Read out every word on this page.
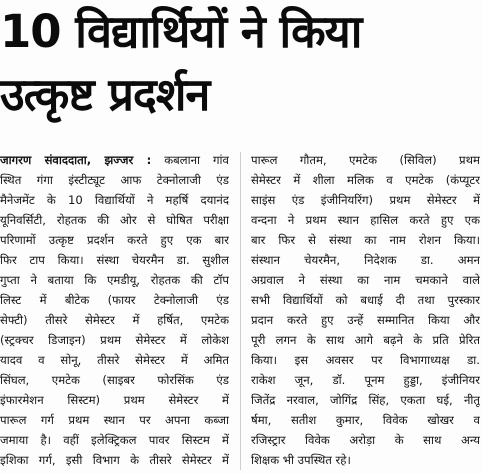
10 विद्यार्थियों ने किया
उत्कृष्ट प्रदर्शन
जागरण संवाददाता, झज्जर : कबलाना गांव
स्थित गंगा इंस्टीट्यूट आफ टेक्नोलाजी एंड
मैनेजमेंट के 10 विद्यार्थियों ने महर्षि दयानंद
यूनिवर्सिटी, रोहतक की ओर से घोषित परीक्षा
परिणामों उत्कृष्ट प्रदर्शन करते हुए एक बार
फिर टाप किया। संस्था चेयरमैन डा. सुशील
गुप्ता ने बताया कि एमडीयू, रोहतक की टॉप
लिस्ट में बीटेक (फायर टेक्नोलाजी एंड
सेफ्टी) तीसरे सेमेस्टर में हर्षित, एमटेक
(स्ट्रक्चर डिजाइन) प्रथम सेमेस्टर में लोकेश
यादव व सोनू, तीसरे सेमेस्टर में अमित
सिंघल, एमटेक (साइबर फोरसिंक एंड
इंफारमेशन सिस्टम) प्रथम सेमेस्टर में
पारूल गर्ग प्रथम स्थान पर अपना कब्जा
जमाया है। वहीं इलेक्ट्रिकल पावर सिस्टम में
इशिका गर्ग, इसी विभाग के तीसरे सेमेस्टर में
पारूल गौतम, एमटेक (सिविल) प्रथम
सेमेस्टर में शीला मलिक व एमटेक (कंप्यूटर
साइंस एंड इंजीनियरिंग) प्रथम सेमेस्टर में
वन्दना ने प्रथम स्थान हासिल करते हुए एक
बार फिर से संस्था का नाम रोशन किया।
संस्थान चेयरमैन, निदेशक डा. अमन
अग्रवाल ने संस्था का नाम चमकाने वाले
सभी विद्यार्थियों को बधाई दी तथा पुरस्कार
प्रदान करते हुए उन्हें सम्मानित किया और
पूरी लगन के साथ आगे बढ़ने के प्रति प्रेरित
किया। इस अवसर पर विभागाध्यक्ष डा.
राकेश जून, डॉ. पूनम हुड्डा, इंजीनियर
जितेंद्र नरवाल, जोगिंद्र सिंह, एकता घई, नीतू
र्षमा, सतीश कुमार, विवेक खोखर व
रजिस्ट्रार विवेक अरोड़ा के साथ अन्य
शिक्षक भी उपस्थित रहे।
